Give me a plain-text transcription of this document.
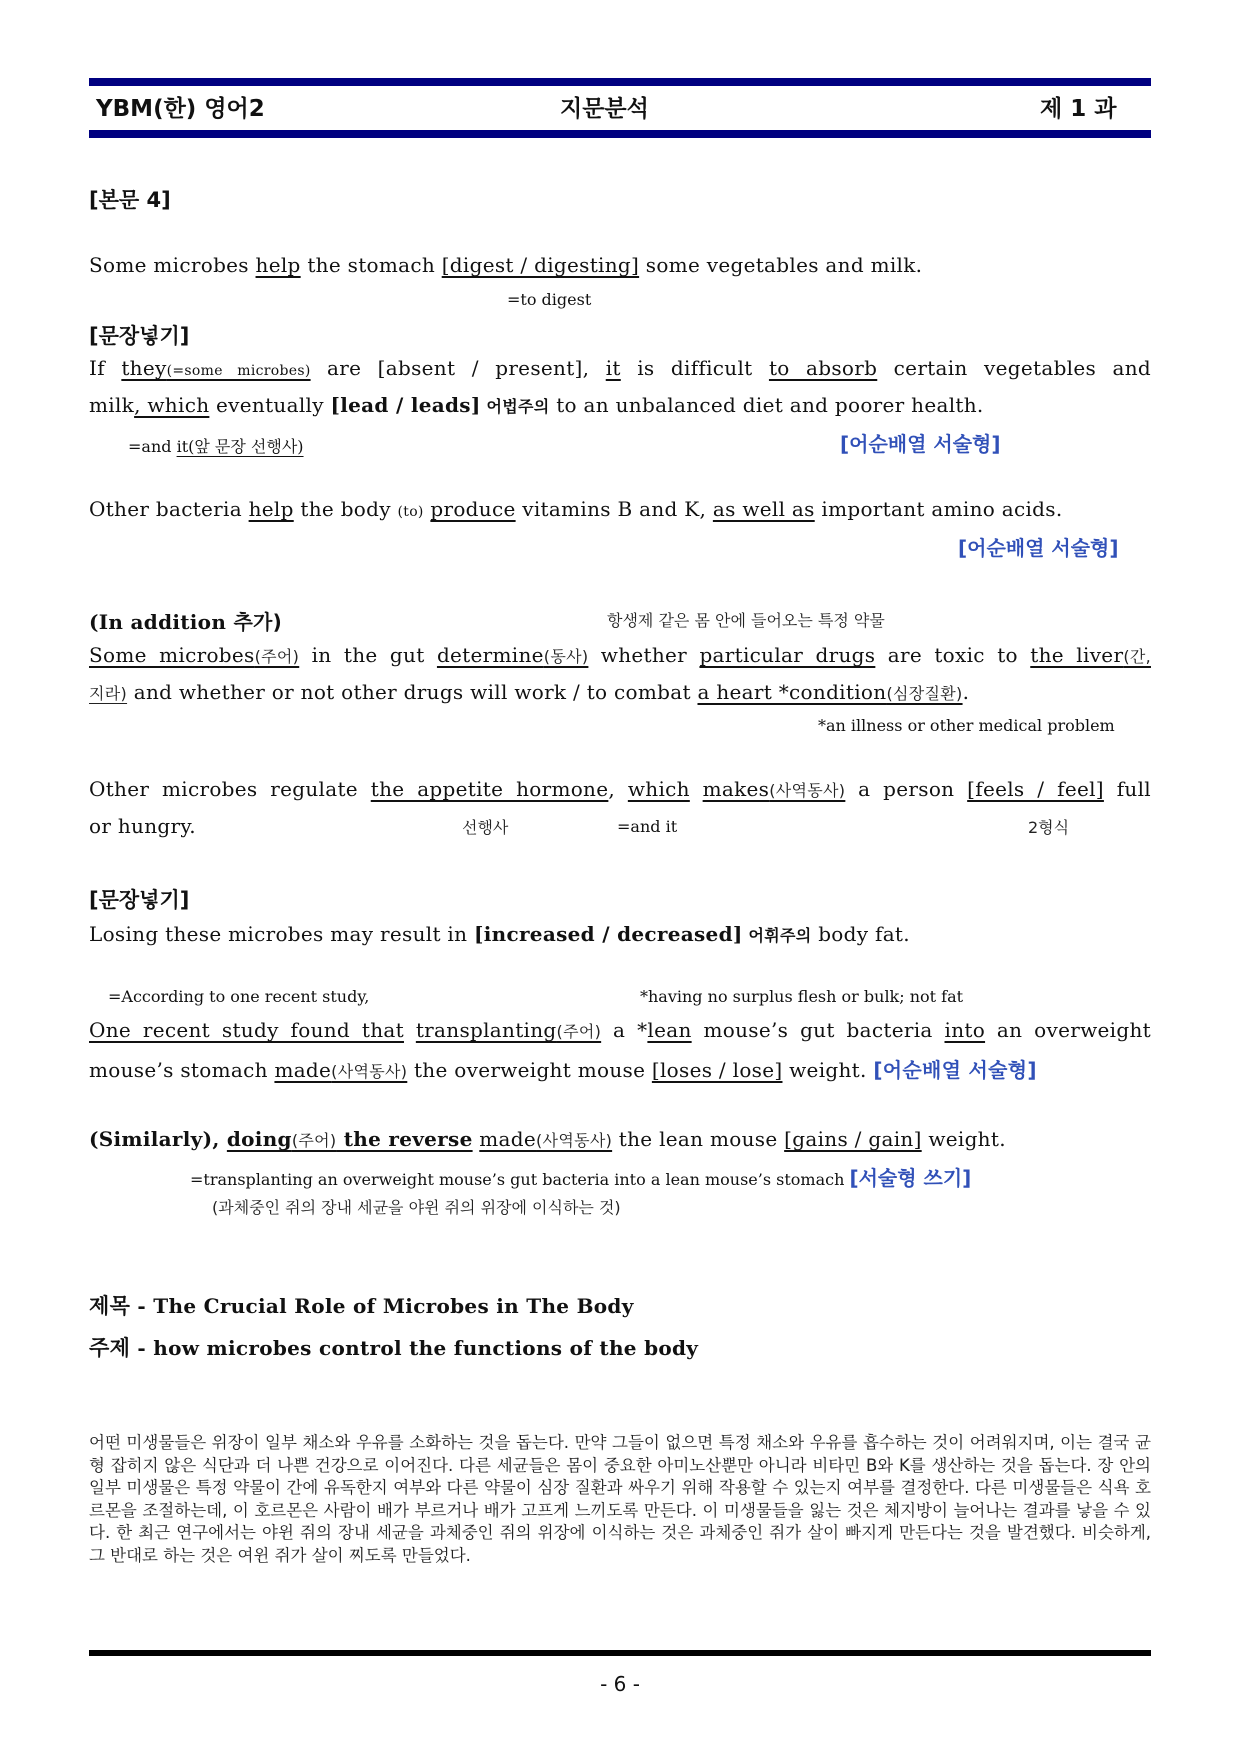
YBM(한) 영어2	지문분석	제 1 과
[본문 4]
Some microbes help the stomach [digest / digesting] some vegetables and milk.
=to digest
[문장넣기]
If they(=some microbes) are [absent / present], it is difficult to absorb certain vegetables and
milk, which eventually [lead / leads] 어법주의 to an unbalanced diet and poorer health.
=and it(앞 문장 선행사)	[어순배열 서술형]
Other bacteria help the body (to) produce vitamins B and K, as well as important amino acids.
[어순배열 서술형]
(In addition 추가)	항생제 같은 몸 안에 들어오는 특정 약물
Some microbes(주어) in the gut determine(동사) whether particular drugs are toxic to the liver(간,
지라) and whether or not other drugs will work / to combat a heart *condition(심장질환).
*an illness or other medical problem
Other microbes regulate the appetite hormone, which makes(사역동사) a person [feels / feel] full
or hungry.	선행사	=and it	2형식
[문장넣기]
Losing these microbes may result in [increased / decreased] 어휘주의 body fat.
=According to one recent study,	*having no surplus flesh or bulk; not fat
One recent study found that transplanting(주어) a *lean mouse’s gut bacteria into an overweight
mouse’s stomach made(사역동사) the overweight mouse [loses / lose] weight. [어순배열 서술형]
(Similarly), doing(주어) the reverse made(사역동사) the lean mouse [gains / gain] weight.
=transplanting an overweight mouse’s gut bacteria into a lean mouse’s stomach [서술형 쓰기]
(과체중인 쥐의 장내 세균을 야윈 쥐의 위장에 이식하는 것)
제목 - The Crucial Role of Microbes in The Body
주제 - how microbes control the functions of the body
어떤 미생물들은 위장이 일부 채소와 우유를 소화하는 것을 돕는다. 만약 그들이 없으면 특정 채소와 우유를 흡수하는 것이 어려워지며, 이는 결국 균형 잡히지 않은 식단과 더 나쁜 건강으로 이어진다. 다른 세균들은 몸이 중요한 아미노산뿐만 아니라 비타민 B와 K를 생산하는 것을 돕는다. 장 안의 일부 미생물은 특정 약물이 간에 유독한지 여부와 다른 약물이 심장 질환과 싸우기 위해 작용할 수 있는지 여부를 결정한다. 다른 미생물들은 식욕 호르몬을 조절하는데, 이 호르몬은 사람이 배가 부르거나 배가 고프게 느끼도록 만든다. 이 미생물들을 잃는 것은 체지방이 늘어나는 결과를 낳을 수 있다. 한 최근 연구에서는 야윈 쥐의 장내 세균을 과체중인 쥐의 위장에 이식하는 것은 과체중인 쥐가 살이 빠지게 만든다는 것을 발견했다. 비슷하게, 그 반대로 하는 것은 여윈 쥐가 살이 찌도록 만들었다.
- 6 -
